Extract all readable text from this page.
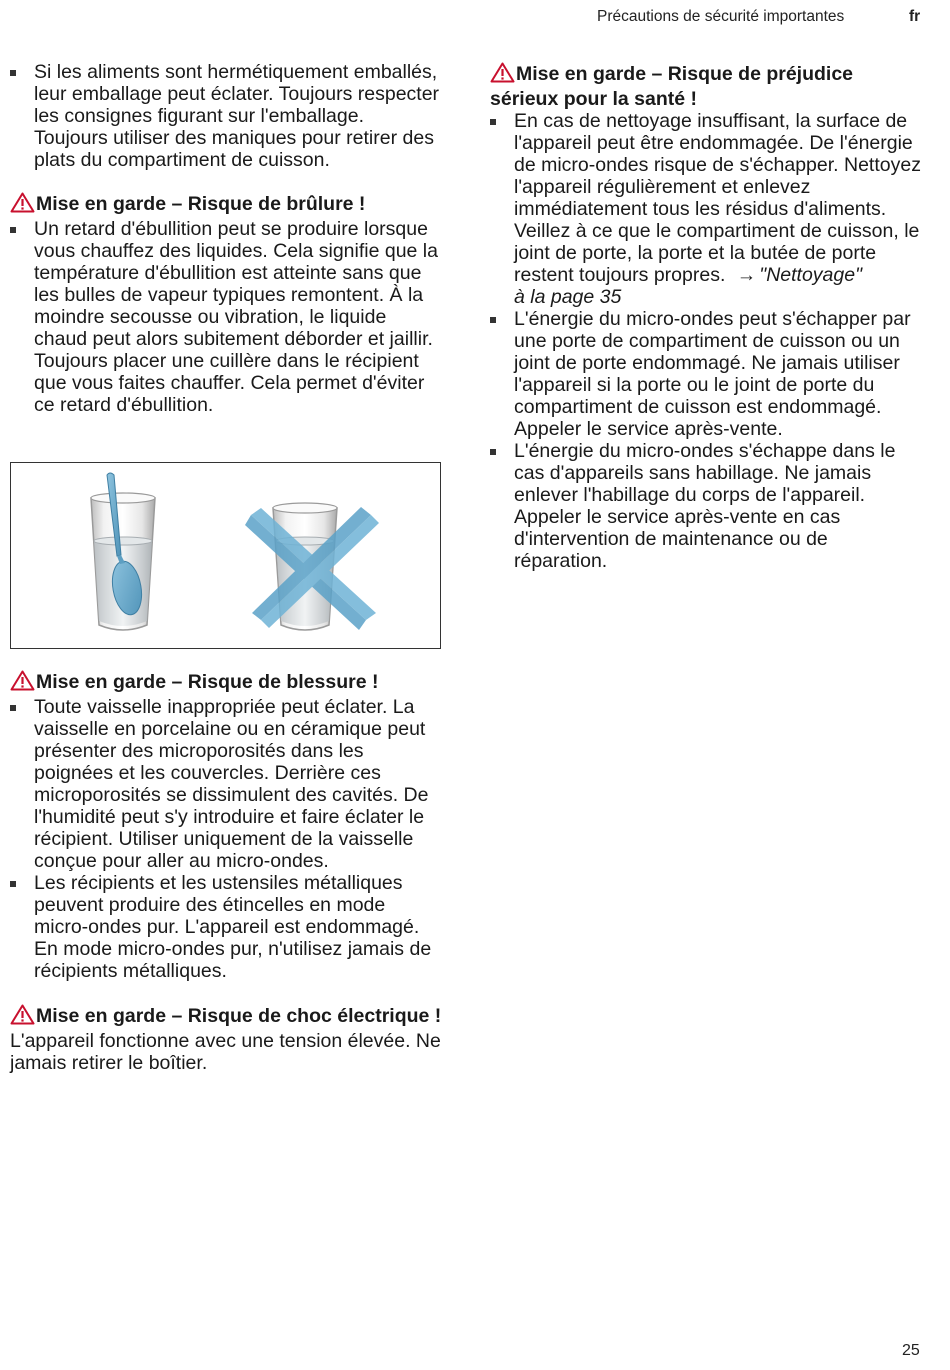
Précautions de sécurité importantes	fr
Si les aliments sont hermétiquement emballés, leur emballage peut éclater. Toujours respecter les consignes figurant sur l'emballage. Toujours utiliser des maniques pour retirer des plats du compartiment de cuisson.

Mise en garde – Risque de brûlure !

Un retard d'ébullition peut se produire lorsque vous chauffez des liquides. Cela signifie que la température d'ébullition est atteinte sans que les bulles de vapeur typiques remontent. À la moindre secousse ou vibration, le liquide chaud peut alors subitement déborder et jaillir. Toujours placer une cuillère dans le récipient que vous faites chauffer. Cela permet d'éviter ce retard d'ébullition.

Mise en garde – Risque de blessure !

Toute vaisselle inappropriée peut éclater. La vaisselle en porcelaine ou en céramique peut présenter des microporosités dans les poignées et les couvercles. Derrière ces microporosités se dissimulent des cavités. De l'humidité peut s'y introduire et faire éclater le récipient. Utiliser uniquement de la vaisselle conçue pour aller au micro-ondes.
Les récipients et les ustensiles métalliques peuvent produire des étincelles en mode micro-ondes pur. L'appareil est endommagé. En mode micro-ondes pur, n'utilisez jamais de récipients métalliques.

Mise en garde – Risque de choc électrique !

L'appareil fonctionne avec une tension élevée. Ne jamais retirer le boîtier.

Mise en garde – Risque de préjudice sérieux pour la santé !

En cas de nettoyage insuffisant, la surface de l'appareil peut être endommagée. De l'énergie de micro-ondes risque de s'échapper. Nettoyez l'appareil régulièrement et enlevez immédiatement tous les résidus d'aliments. Veillez à ce que le compartiment de cuisson, le joint de porte, la porte et la butée de porte restent toujours propres. → "Nettoyage"
à la page 35
L'énergie du micro-ondes peut s'échapper par une porte de compartiment de cuisson ou un joint de porte endommagé. Ne jamais utiliser l'appareil si la porte ou le joint de porte du compartiment de cuisson est endommagé. Appeler le service après-vente.
L'énergie du micro-ondes s'échappe dans le cas d'appareils sans habillage. Ne jamais enlever l'habillage du corps de l'appareil. Appeler le service après-vente en cas d'intervention de maintenance ou de réparation.
25
